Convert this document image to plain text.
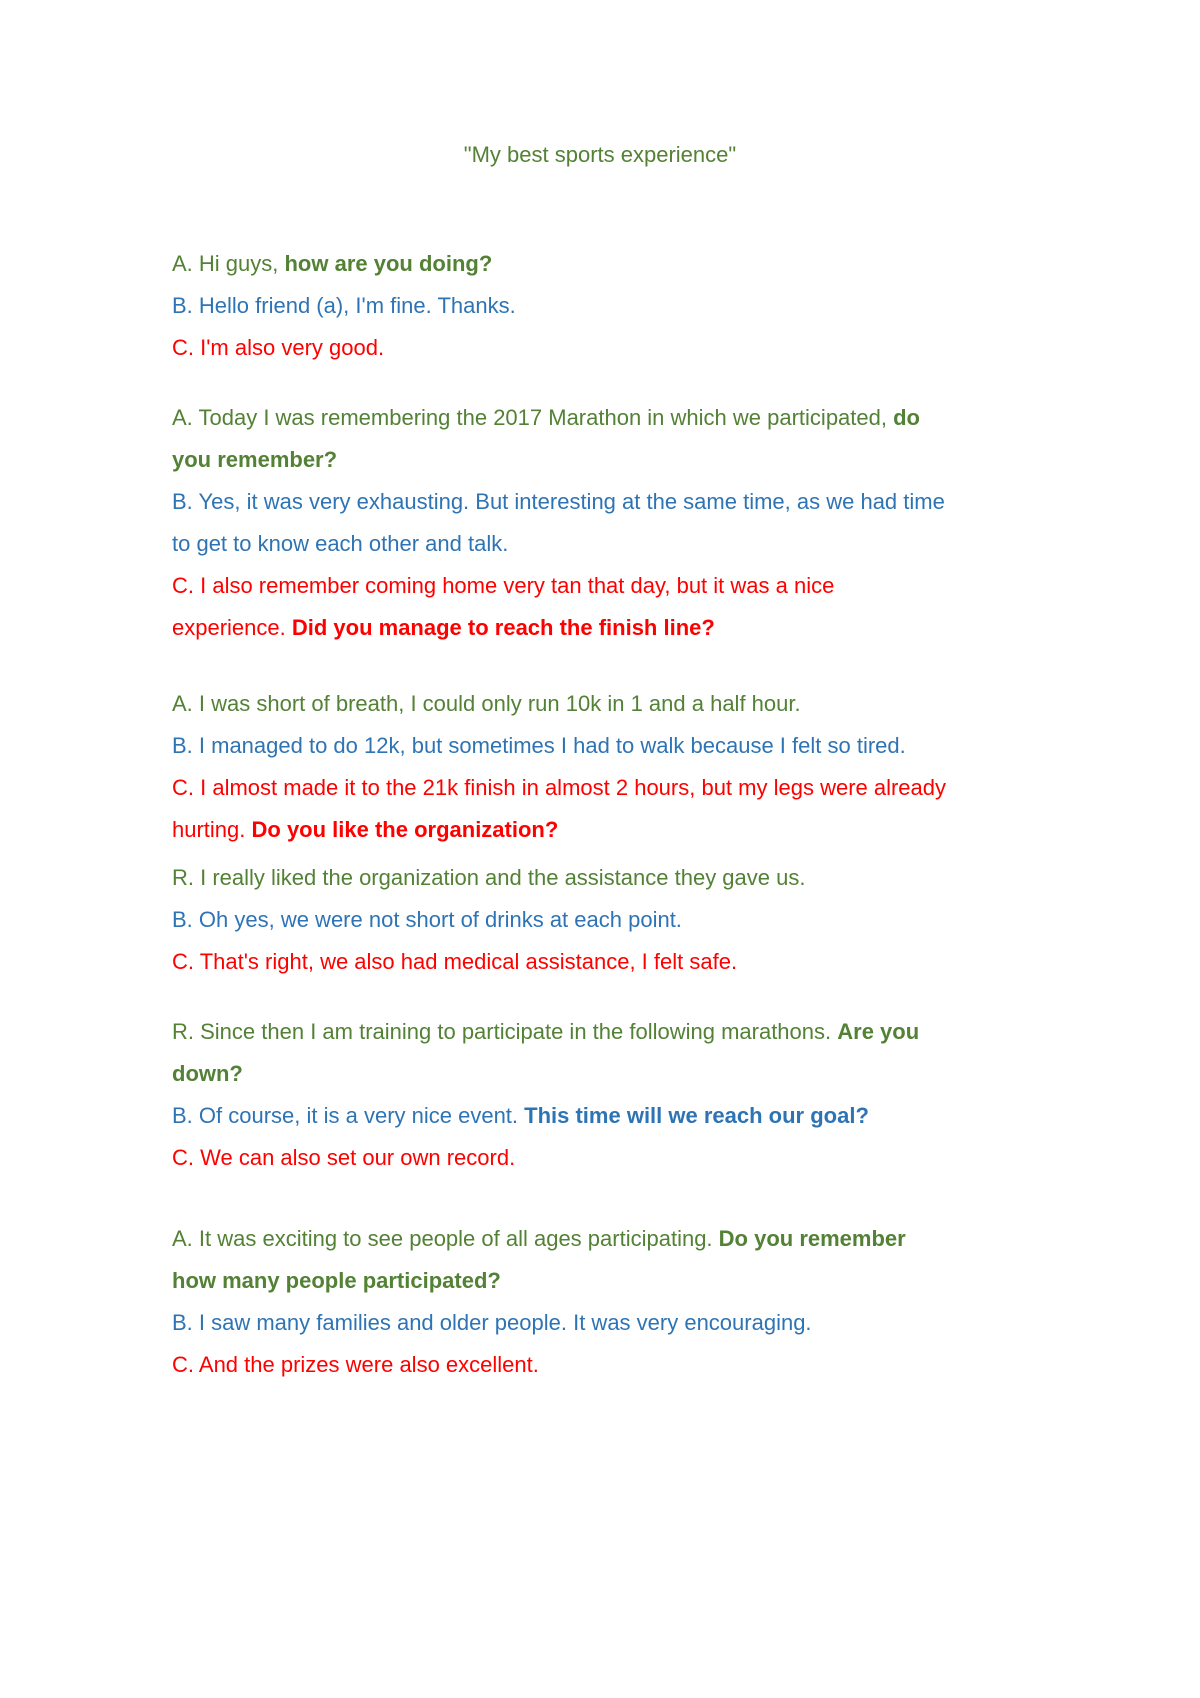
"My best sports experience"
A. Hi guys, how are you doing?
B. Hello friend (a), I'm fine. Thanks.
C. I'm also very good.
A. Today I was remembering the 2017 Marathon in which we participated, do
you remember?
B. Yes, it was very exhausting. But interesting at the same time, as we had time
to get to know each other and talk.
C. I also remember coming home very tan that day, but it was a nice
experience. Did you manage to reach the finish line?
A. I was short of breath, I could only run 10k in 1 and a half hour.
B. I managed to do 12k, but sometimes I had to walk because I felt so tired.
C. I almost made it to the 21k finish in almost 2 hours, but my legs were already
hurting. Do you like the organization?
R. I really liked the organization and the assistance they gave us.
B. Oh yes, we were not short of drinks at each point.
C. That's right, we also had medical assistance, I felt safe.
R. Since then I am training to participate in the following marathons. Are you
down?
B. Of course, it is a very nice event. This time will we reach our goal?
C. We can also set our own record.
A. It was exciting to see people of all ages participating. Do you remember
how many people participated?
B. I saw many families and older people. It was very encouraging.
C. And the prizes were also excellent.
